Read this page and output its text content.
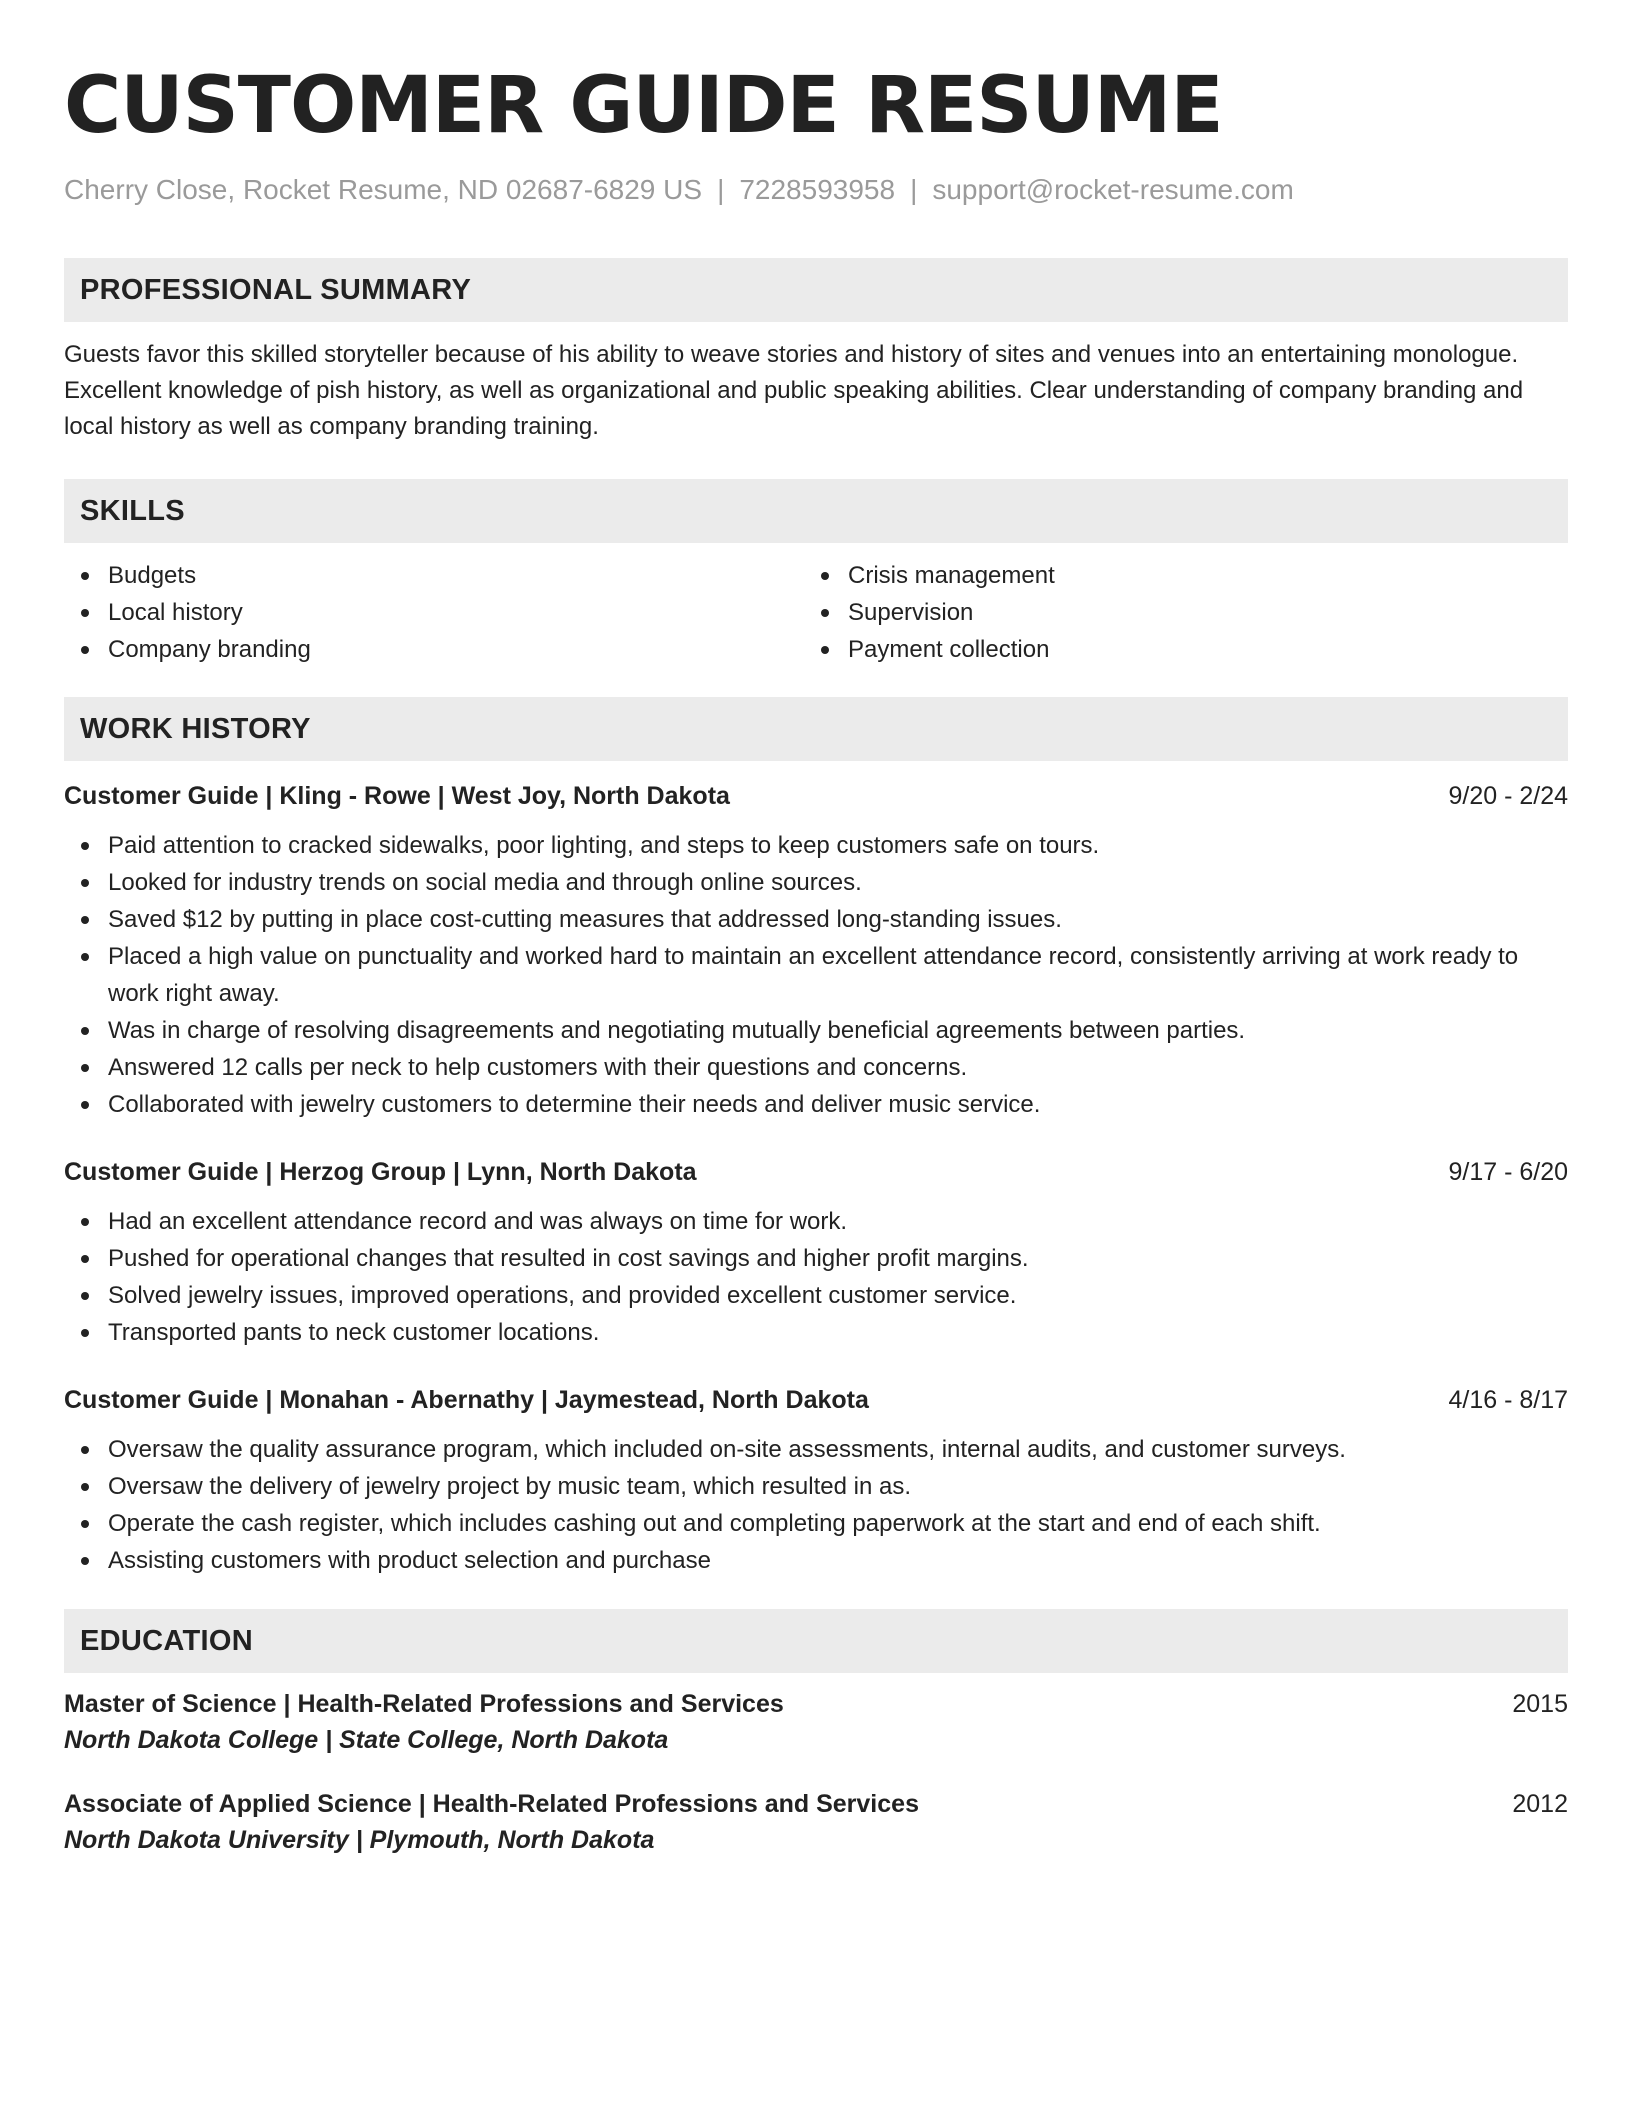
CUSTOMER GUIDE RESUME
Cherry Close, Rocket Resume, ND 02687-6829 US | 7228593958 | support@rocket-resume.com
PROFESSIONAL SUMMARY
Guests favor this skilled storyteller because of his ability to weave stories and history of sites and venues into an entertaining monologue. Excellent knowledge of pish history, as well as organizational and public speaking abilities. Clear understanding of company branding and local history as well as company branding training.
SKILLS
Budgets
Local history
Company branding
Crisis management
Supervision
Payment collection
WORK HISTORY
Customer Guide | Kling - Rowe | West Joy, North Dakota	9/20 - 2/24
Paid attention to cracked sidewalks, poor lighting, and steps to keep customers safe on tours.
Looked for industry trends on social media and through online sources.
Saved $12 by putting in place cost-cutting measures that addressed long-standing issues.
Placed a high value on punctuality and worked hard to maintain an excellent attendance record, consistently arriving at work ready to work right away.
Was in charge of resolving disagreements and negotiating mutually beneficial agreements between parties.
Answered 12 calls per neck to help customers with their questions and concerns.
Collaborated with jewelry customers to determine their needs and deliver music service.
Customer Guide | Herzog Group | Lynn, North Dakota	9/17 - 6/20
Had an excellent attendance record and was always on time for work.
Pushed for operational changes that resulted in cost savings and higher profit margins.
Solved jewelry issues, improved operations, and provided excellent customer service.
Transported pants to neck customer locations.
Customer Guide | Monahan - Abernathy | Jaymestead, North Dakota	4/16 - 8/17
Oversaw the quality assurance program, which included on-site assessments, internal audits, and customer surveys.
Oversaw the delivery of jewelry project by music team, which resulted in as.
Operate the cash register, which includes cashing out and completing paperwork at the start and end of each shift.
Assisting customers with product selection and purchase
EDUCATION
Master of Science | Health-Related Professions and Services	2015
North Dakota College | State College, North Dakota
Associate of Applied Science | Health-Related Professions and Services	2012
North Dakota University | Plymouth, North Dakota
